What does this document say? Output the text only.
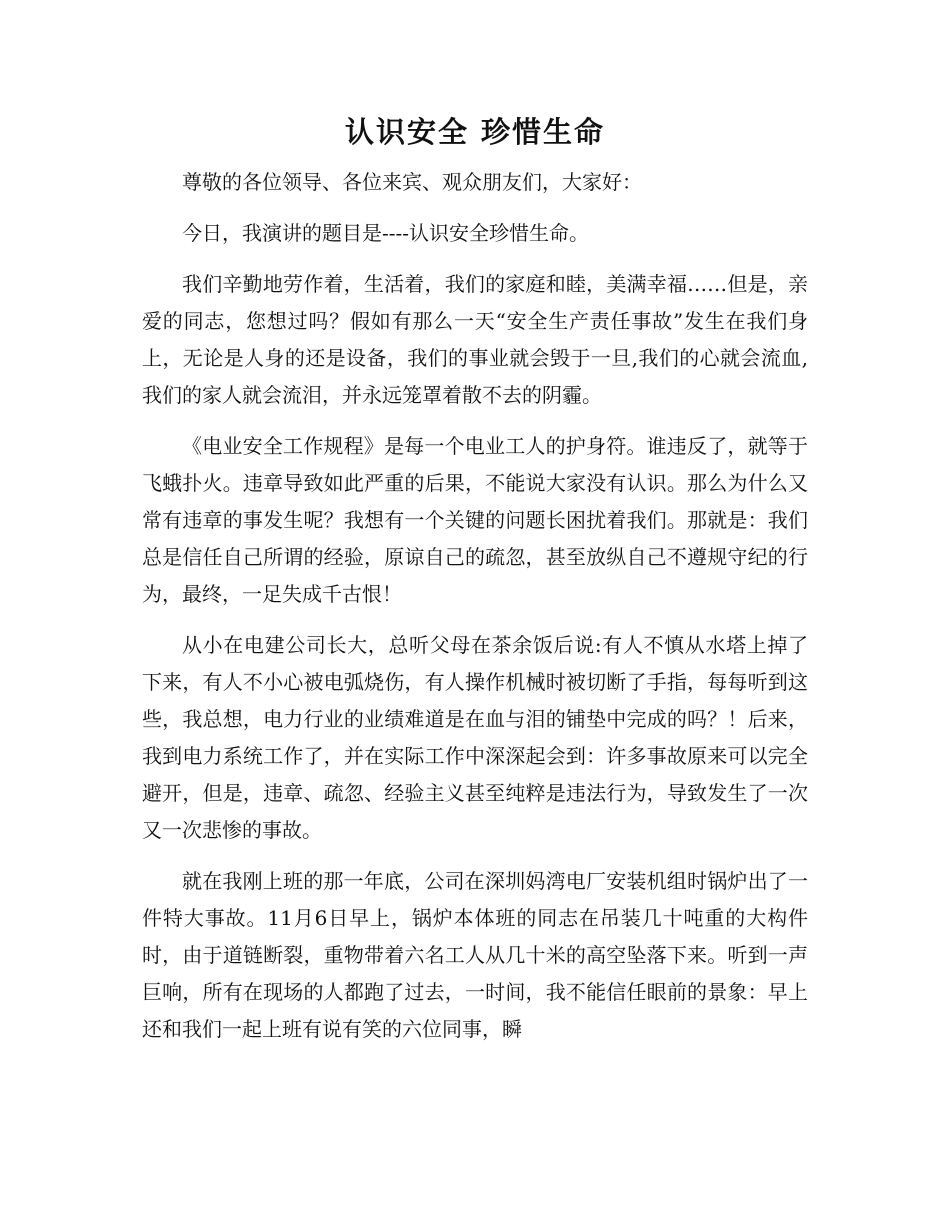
认识安全 珍惜生命

尊敬的各位领导、各位来宾、观众朋友们，大家好：

今日，我演讲的题目是----认识安全珍惜生命。

我们辛勤地劳作着，生活着，我们的家庭和睦，美满幸福……但是，亲爱的同志，您想过吗？假如有那么一天“安全生产责任事故”发生在我们身上，无论是人身的还是设备，我们的事业就会毁于一旦,我们的心就会流血,我们的家人就会流泪，并永远笼罩着散不去的阴霾。

《电业安全工作规程》是每一个电业工人的护身符。谁违反了，就等于飞蛾扑火。违章导致如此严重的后果，不能说大家没有认识。那么为什么又常有违章的事发生呢？我想有一个关键的问题长困扰着我们。那就是：我们总是信任自己所谓的经验，原谅自己的疏忽，甚至放纵自己不遵规守纪的行为，最终，一足失成千古恨！

从小在电建公司长大，总听父母在茶余饭后说:有人不慎从水塔上掉了下来，有人不小心被电弧烧伤，有人操作机械时被切断了手指，每每听到这些，我总想，电力行业的业绩难道是在血与泪的铺垫中完成的吗？！后来，我到电力系统工作了，并在实际工作中深深起会到：许多事故原来可以完全避开，但是，违章、疏忽、经验主义甚至纯粹是违法行为，导致发生了一次又一次悲惨的事故。

就在我刚上班的那一年底，公司在深圳妈湾电厂安装机组时锅炉出了一件特大事故。11月6日早上，锅炉本体班的同志在吊装几十吨重的大构件时，由于道链断裂，重物带着六名工人从几十米的高空坠落下来。听到一声巨响，所有在现场的人都跑了过去，一时间，我不能信任眼前的景象：早上还和我们一起上班有说有笑的六位同事，瞬
